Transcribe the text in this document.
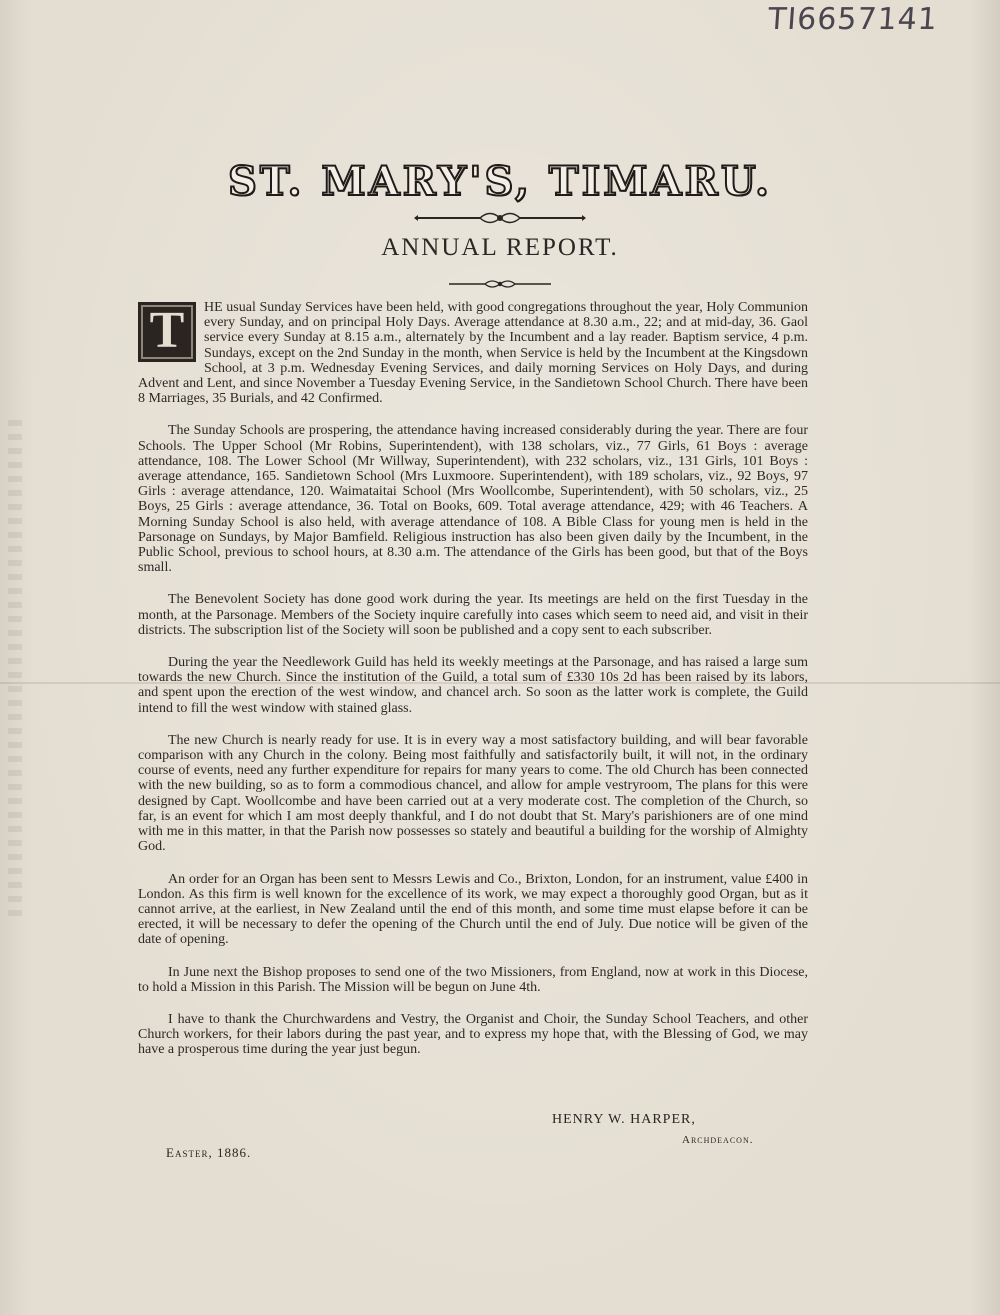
TI6657141
ST. MARY'S, TIMARU.
ANNUAL REPORT.

T	HE usual Sunday Services have been held, with good congregations throughout the year, Holy Communion every Sunday, and on principal Holy Days. Average attendance at 8.30 a.m., 22; and at mid-day, 36. Gaol service every Sunday at 8.15 a.m., alternately by the Incumbent and a lay reader. Baptism service, 4 p.m. Sundays, except on the 2nd Sunday in the month, when Service is held by the Incumbent at the Kingsdown School, at 3 p.m. Wednesday Evening Services, and daily morning Services on Holy Days, and during Advent and Lent, and since November a Tuesday Evening Service, in the Sandietown School Church. There have been 8 Marriages, 35 Burials, and 42 Confirmed.

The Sunday Schools are prospering, the attendance having increased considerably during the year. There are four Schools. The Upper School (Mr Robins, Superintendent), with 138 scholars, viz., 77 Girls, 61 Boys : average attendance, 108. The Lower School (Mr Willway, Superintendent), with 232 scholars, viz., 131 Girls, 101 Boys : average attendance, 165. Sandietown School (Mrs Luxmoore. Superintendent), with 189 scholars, viz., 92 Boys, 97 Girls : average attendance, 120. Waimataitai School (Mrs Woollcombe, Superintendent), with 50 scholars, viz., 25 Boys, 25 Girls : average attendance, 36. Total on Books, 609. Total average attendance, 429; with 46 Teachers. A Morning Sunday School is also held, with average attendance of 108. A Bible Class for young men is held in the Parsonage on Sundays, by Major Bamfield. Religious instruction has also been given daily by the Incumbent, in the Public School, previous to school hours, at 8.30 a.m. The attendance of the Girls has been good, but that of the Boys small.

The Benevolent Society has done good work during the year. Its meetings are held on the first Tuesday in the month, at the Parsonage. Members of the Society inquire carefully into cases which seem to need aid, and visit in their districts. The subscription list of the Society will soon be published and a copy sent to each subscriber.

During the year the Needlework Guild has held its weekly meetings at the Parsonage, and has raised a large sum towards the new Church. Since the institution of the Guild, a total sum of £330 10s 2d has been raised by its labors, and spent upon the erection of the west window, and chancel arch. So soon as the latter work is complete, the Guild intend to fill the west window with stained glass.

The new Church is nearly ready for use. It is in every way a most satisfactory building, and will bear favorable comparison with any Church in the colony. Being most faithfully and satisfactorily built, it will not, in the ordinary course of events, need any further expenditure for repairs for many years to come. The old Church has been connected with the new building, so as to form a commodious chancel, and allow for ample vestryroom, The plans for this were designed by Capt. Woollcombe and have been carried out at a very moderate cost. The completion of the Church, so far, is an event for which I am most deeply thankful, and I do not doubt that St. Mary's parishioners are of one mind with me in this matter, in that the Parish now possesses so stately and beautiful a building for the worship of Almighty God.

An order for an Organ has been sent to Messrs Lewis and Co., Brixton, London, for an instrument, value £400 in London. As this firm is well known for the excellence of its work, we may expect a thoroughly good Organ, but as it cannot arrive, at the earliest, in New Zealand until the end of this month, and some time must elapse before it can be erected, it will be necessary to defer the opening of the Church until the end of July. Due notice will be given of the date of opening.

In June next the Bishop proposes to send one of the two Missioners, from England, now at work in this Diocese, to hold a Mission in this Parish. The Mission will be begun on June 4th.

I have to thank the Churchwardens and Vestry, the Organist and Choir, the Sunday School Teachers, and other Church workers, for their labors during the past year, and to express my hope that, with the Blessing of God, we may have a prosperous time during the year just begun.

HENRY W. HARPER,
Archdeacon.
Easter, 1886.
